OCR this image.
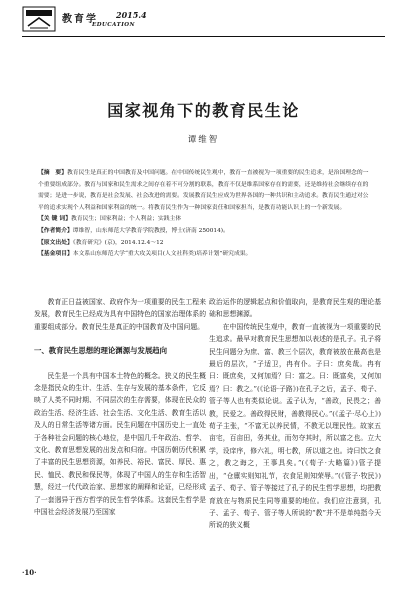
教育学 2015.4
EDUCATION
国家视角下的教育民生论
谭维智

【摘　要】教育民生是真正的中国教育及中国问题。在中国传统民生观中，教育一直被视为一项重要的民生追求，是治国理念的一个重要组成部分。教育与国家和民生需求之间存在着不可分割的联系，教育不仅是维系国家存在的需要，还是维持社会继续存在的需要；是进一步说，教育是社会发展、社会改进的需要。发展教育民生应成为世界各国的一种共识和主动追求。教育民生通过对公平的追求实现个人利益和国家利益的统一。将教育民生作为一种国家责任和国家担当，是教育功能认识上的一个新发展。

【关 键 词】教育民生；国家利益；个人利益；实践主体

【作者简介】谭维智，山东师范大学教育学院教授，博士(济南 250014)。

【原文出处】《教育研究》(京)，2014.12.4～12

【基金项目】本文系山东师范大学“重大攻关项目(人文社科类)培养计划”研究成果。

教育正日益被国家、政府作为一项重要的民生工程来发展，教育民生已经成为具有中国特色的国家治理体系的重要组成部分。教育民生是真正的中国教育及中国问题。

一、教育民生思想的理论渊源与发展趋向

民生是一个具有中国本土特色的概念。狭义的民生概念是指民众的生计、生活、生存与发展的基本条件，它反映了人类不同时期、不同层次的生存需要，体现在民众的政治生活、经济生活、社会生活、文化生活、教育生活以及人的日常生活等诸方面。民生问题在中国历史上一直处于各种社会问题的核心地位，是中国几千年政治、哲学、文化、教育思想发展的出发点和归宿。中国历朝历代积累了丰富的民生思想资源，如养民、裕民、富民、厚民、惠民、恤民、教民和保民等，体现了中国人的生存和生活智慧，经过一代代政治家、思想家的阐释和论证，已经形成了一套迥异于西方哲学的民生哲学体系。这套民生哲学是中国社会经济发展乃至国家

政治运作的逻辑起点和价值取向，是教育民生观的理论基础和思想渊源。

在中国传统民生观中，教育一直被视为一项重要的民生追求。最早对教育民生思想加以表述的是孔子。孔子将民生问题分为庶、富、教三个层次，教育被放在最高也是最后的层次，“子适卫，冉有仆。子曰：庶矣哉。冉有曰：既庶矣，又何加焉？曰：富之。曰：既富矣，又何加焉？曰：教之。”(《论语·子路》)在孔子之后，孟子、荀子、管子等人也有类似论说。孟子认为，“善政，民畏之；善教，民爱之。善政得民财，善教得民心。”(《孟子·尽心上》)荀子主张，“不富无以养民情，不教无以理民性。故家五亩宅，百亩田，务其业，而勿夺其时，所以富之也。立大学，设庠序，修六礼，明七教，所以道之也。诗曰饮之食之，教之诲之，王事具矣。”(《荀子·大略篇》)管子提出，“仓廪实则知礼节，衣食足则知荣辱。”(《管子·牧民》)孟子、荀子、管子等接过了孔子的民生哲学思想，均把教育放在与物质民生同等重要的地位。我们应注意到，孔子、孟子、荀子、管子等人所说的“教”并不是单纯指今天所说的狭义概

·10·
